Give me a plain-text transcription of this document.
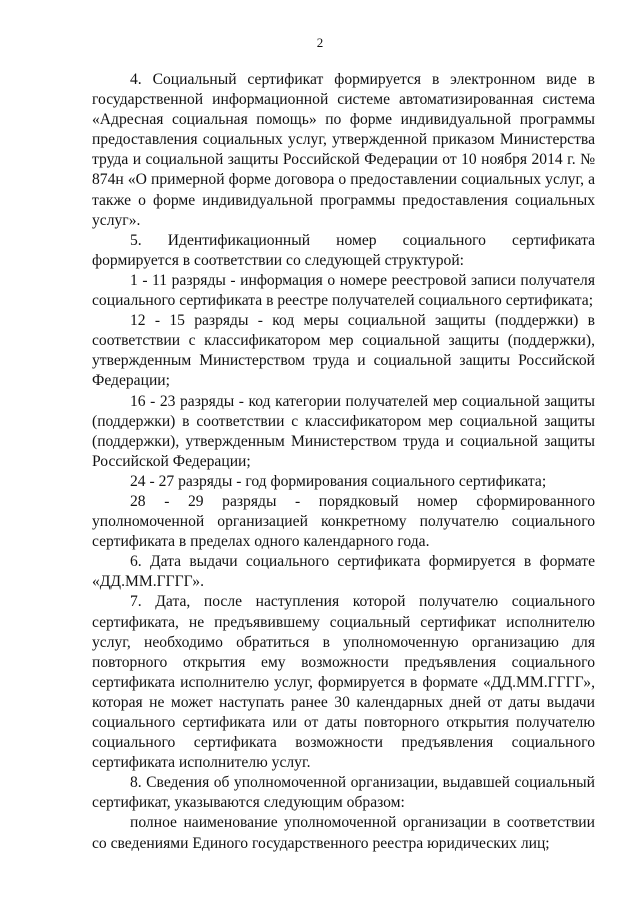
2

4. Социальный сертификат формируется в электронном виде в государственной информационной системе автоматизированная система «Адресная социальная помощь» по форме индивидуальной программы предоставления социальных услуг, утвержденной приказом Министерства труда и социальной защиты Российской Федерации от 10 ноября 2014 г. № 874н «О примерной форме договора о предоставлении социальных услуг, а также о форме индивидуальной программы предоставления социальных услуг».

5. Идентификационный номер социального сертификата формируется в соответствии со следующей структурой:

1 - 11 разряды - информация о номере реестровой записи получателя социального сертификата в реестре получателей социального сертификата;

12 - 15 разряды - код меры социальной защиты (поддержки) в соответствии с классификатором мер социальной защиты (поддержки), утвержденным Министерством труда и социальной защиты Российской Федерации;

16 - 23 разряды - код категории получателей мер социальной защиты (поддержки) в соответствии с классификатором мер социальной защиты (поддержки), утвержденным Министерством труда и социальной защиты Российской Федерации;

24 - 27 разряды - год формирования социального сертификата;

28 - 29 разряды - порядковый номер сформированного уполномоченной организацией конкретному получателю социального сертификата в пределах одного календарного года.

6. Дата выдачи социального сертификата формируется в формате «ДД.ММ.ГГГГ».

7. Дата, после наступления которой получателю социального сертификата, не предъявившему социальный сертификат исполнителю услуг, необходимо обратиться в уполномоченную организацию для повторного открытия ему возможности предъявления социального сертификата исполнителю услуг, формируется в формате «ДД.ММ.ГГГГ», которая не может наступать ранее 30 календарных дней от даты выдачи социального сертификата или от даты повторного открытия получателю социального сертификата возможности предъявления социального сертификата исполнителю услуг.

8. Сведения об уполномоченной организации, выдавшей социальный сертификат, указываются следующим образом:

полное наименование уполномоченной организации в соответствии со сведениями Единого государственного реестра юридических лиц;
